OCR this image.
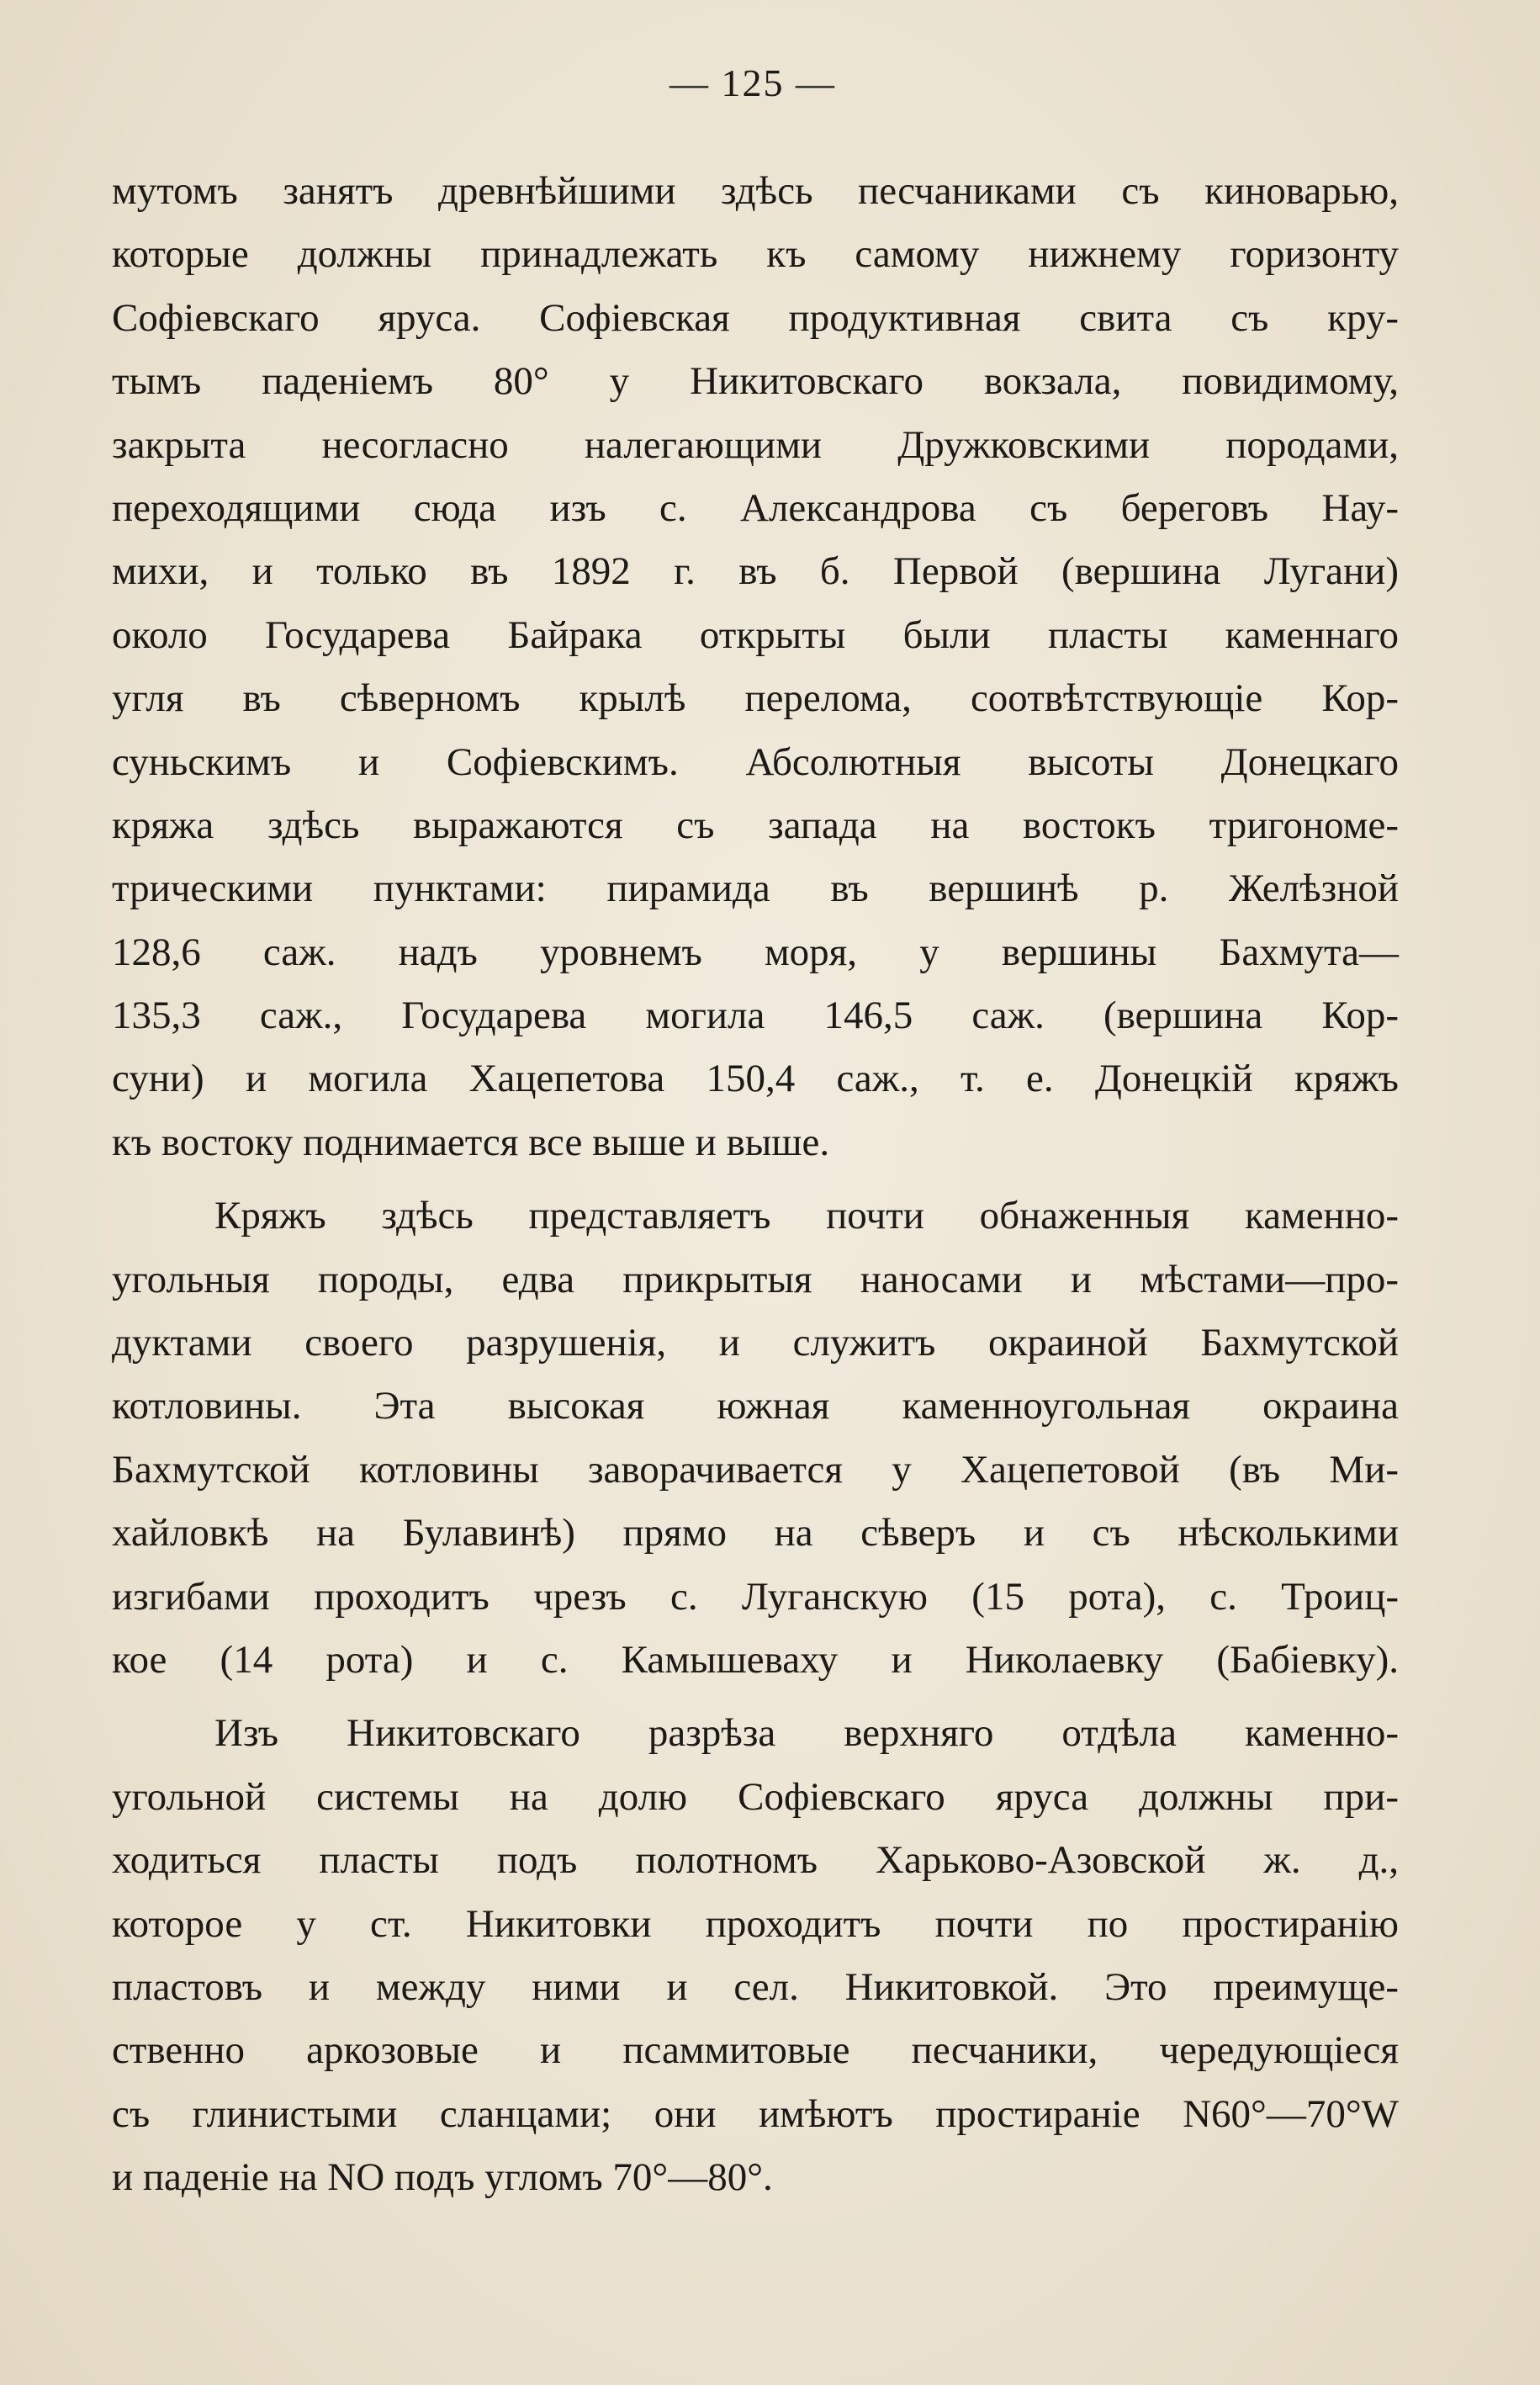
— 125 —
мутомъ занятъ древнѣйшими здѣсь песчаниками съ киноварью,
которые должны принадлежать къ самому нижнему горизонту
Софіевскаго яруса. Софіевская продуктивная свита съ кру-
тымъ паденіемъ 80° у Никитовскаго вокзала, повидимому,
закрыта несогласно налегающими Дружковскими породами,
переходящими сюда изъ с. Александрова съ береговъ Нау-
михи, и только въ 1892 г. въ б. Первой (вершина Лугани)
около Государева Байрака открыты были пласты каменнаго
угля въ сѣверномъ крылѣ перелома, соотвѣтствующіе Кор-
суньскимъ и Софіевскимъ. Абсолютныя высоты Донецкаго
кряжа здѣсь выражаются съ запада на востокъ тригономе-
трическими пунктами: пирамида въ вершинѣ р. Желѣзной
128,6 саж. надъ уровнемъ моря, у вершины Бахмута—
135,3 саж., Государева могила 146,5 саж. (вершина Кор-
суни) и могила Хацепетова 150,4 саж., т. е. Донецкій кряжъ
къ востоку поднимается все выше и выше.
Кряжъ здѣсь представляетъ почти обнаженныя каменно-
угольныя породы, едва прикрытыя наносами и мѣстами—про-
дуктами своего разрушенія, и служитъ окраиной Бахмутской
котловины. Эта высокая южная каменноугольная окраина
Бахмутской котловины заворачивается у Хацепетовой (въ Ми-
хайловкѣ на Булавинѣ) прямо на сѣверъ и съ нѣсколькими
изгибами проходитъ чрезъ с. Луганскую (15 рота), с. Троиц-
кое (14 рота) и с. Камышеваху и Николаевку (Бабіевку).
Изъ Никитовскаго разрѣза верхняго отдѣла каменно-
угольной системы на долю Софіевскаго яруса должны при-
ходиться пласты подъ полотномъ Харьково-Азовской ж. д.,
которое у ст. Никитовки проходитъ почти по простиранію
пластовъ и между ними и сел. Никитовкой. Это преимуще-
ственно аркозовые и псаммитовые песчаники, чередующіеся
съ глинистыми сланцами; они имѣютъ простираніе N60°—70°W
и паденіе на NO подъ угломъ 70°—80°.
